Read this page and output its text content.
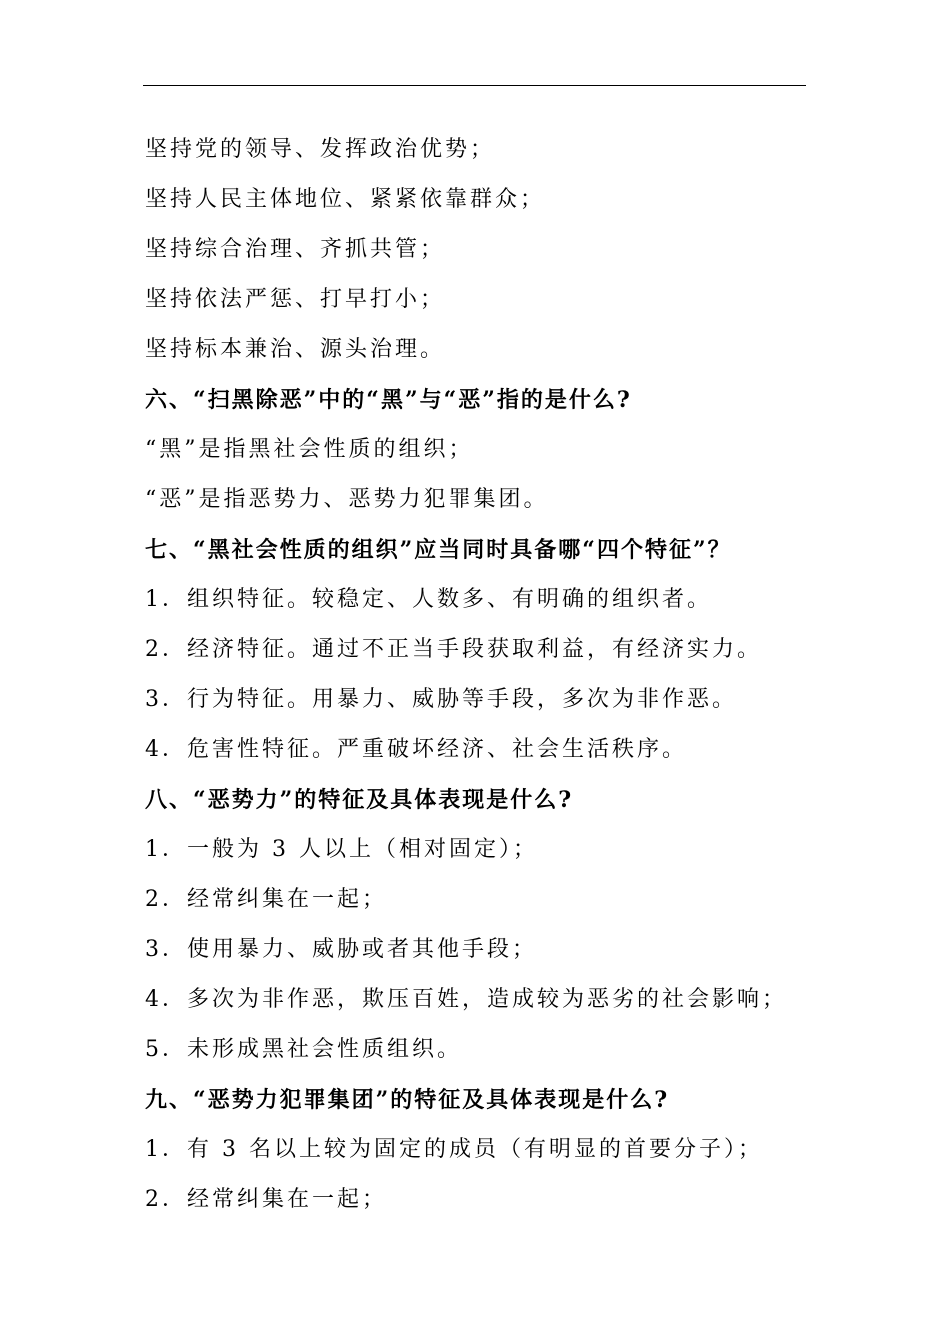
坚持党的领导、发挥政治优势；
坚持人民主体地位、紧紧依靠群众；
坚持综合治理、齐抓共管；
坚持依法严惩、打早打小；
坚持标本兼治、源头治理。
六、“扫黑除恶”中的“黑”与“恶”指的是什么?
“黑”是指黑社会性质的组织；
“恶”是指恶势力、恶势力犯罪集团。
七、“黑社会性质的组织”应当同时具备哪“四个特征”？
1．组织特征。较稳定、人数多、有明确的组织者。
2．经济特征。通过不正当手段获取利益，有经济实力。
3．行为特征。用暴力、威胁等手段，多次为非作恶。
4．危害性特征。严重破坏经济、社会生活秩序。
八、“恶势力”的特征及具体表现是什么?
1．一般为 3 人以上（相对固定）；
2．经常纠集在一起；
3．使用暴力、威胁或者其他手段；
4．多次为非作恶，欺压百姓，造成较为恶劣的社会影响；
5．未形成黑社会性质组织。
九、“恶势力犯罪集团”的特征及具体表现是什么?
1．有 3 名以上较为固定的成员（有明显的首要分子）；
2．经常纠集在一起；
